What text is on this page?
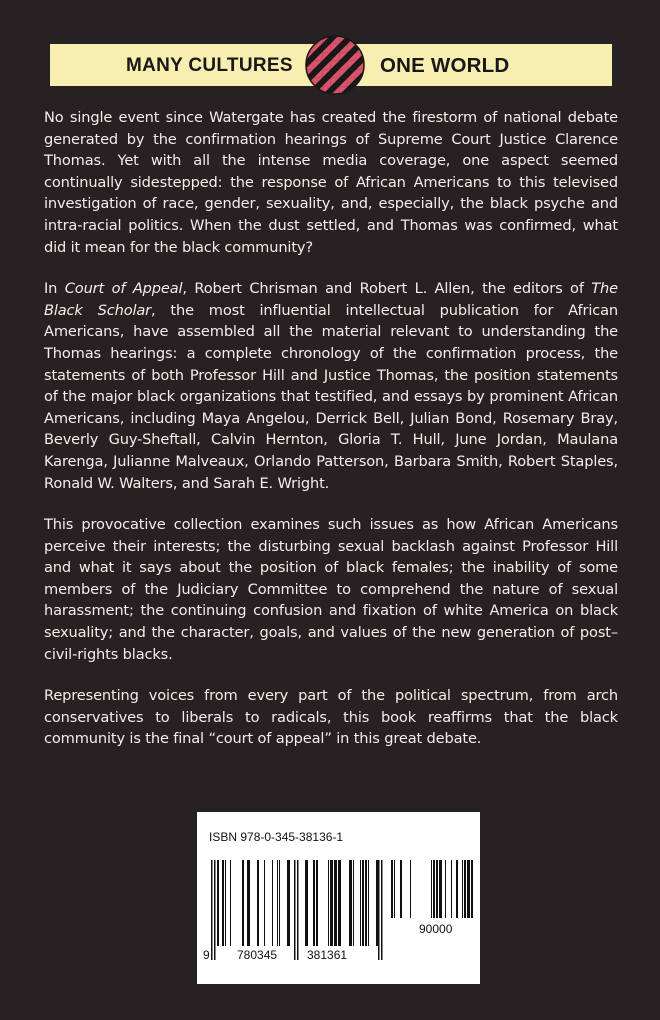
MANY CULTURES	ONE WORLD

No single event since Watergate has created the firestorm of national debate generated by the confirmation hearings of Supreme Court Justice Clarence Thomas. Yet with all the intense media coverage, one aspect seemed continually sidestepped: the response of African Americans to this televised investigation of race, gender, sexuality, and, especially, the black psyche and intra-racial politics. When the dust settled, and Thomas was confirmed, what did it mean for the black community?

In Court of Appeal, Robert Chrisman and Robert L. Allen, the editors of The Black Scholar, the most influential intellectual publication for African Americans, have assembled all the material relevant to understanding the Thomas hearings: a complete chronology of the confirmation process, the statements of both Professor Hill and Justice Thomas, the position statements of the major black organizations that testified, and essays by prominent African Americans, including Maya Angelou, Derrick Bell, Julian Bond, Rosemary Bray, Beverly Guy-Sheftall, Calvin Hernton, Gloria T. Hull, June Jordan, Maulana Karenga, Julianne Malveaux, Orlando Patterson, Barbara Smith, Robert Staples, Ronald W. Walters, and Sarah E. Wright.

This provocative collection examines such issues as how African Americans perceive their interests; the disturbing sexual backlash against Professor Hill and what it says about the position of black females; the inability of some members of the Judiciary Committee to comprehend the nature of sexual harassment; the continuing confusion and fixation of white America on black sexuality; and the character, goals, and values of the new generation of post–civil-rights blacks.

Representing voices from every part of the political spectrum, from arch conservatives to liberals to radicals, this book reaffirms that the black community is the final “court of appeal” in this great debate.

ISBN 978-0-345-38136-1
9 780345 381361
90000
